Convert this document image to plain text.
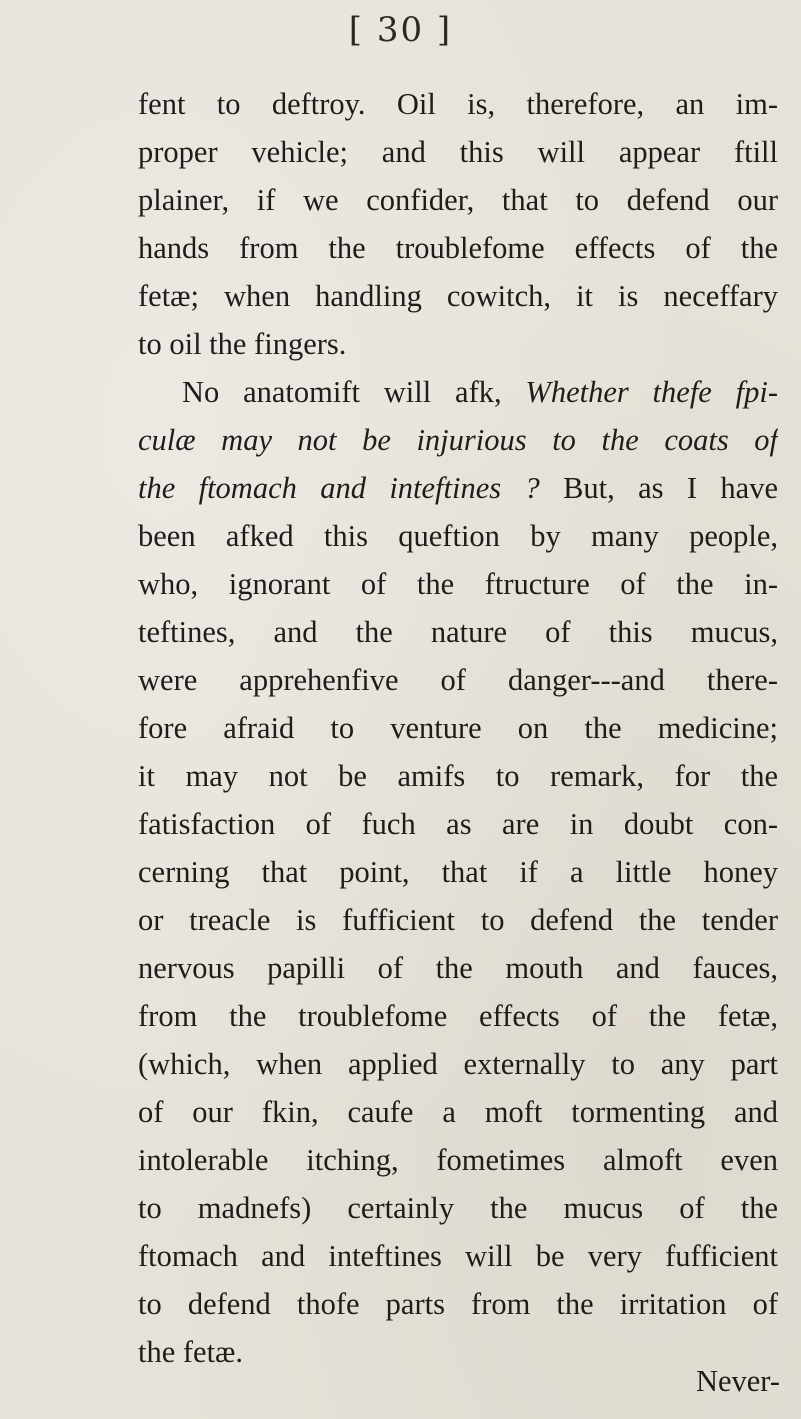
[ 30 ]
fent to deftroy. Oil is, therefore, an im-
proper vehicle; and this will appear ftill
plainer, if we confider, that to defend our
hands from the troublefome effects of the
fetæ; when handling cowitch, it is neceffary
to oil the fingers.
No anatomift will afk, Whether thefe fpi-
culæ may not be injurious to the coats of
the ftomach and inteftines ? But, as I have
been afked this queftion by many people,
who, ignorant of the ftructure of the in-
teftines, and the nature of this mucus,
were apprehenfive of danger---and there-
fore afraid to venture on the medicine;
it may not be amifs to remark, for the
fatisfaction of fuch as are in doubt con-
cerning that point, that if a little honey
or treacle is fufficient to defend the tender
nervous papilli of the mouth and fauces,
from the troublefome effects of the fetæ,
(which, when applied externally to any part
of our fkin, caufe a moft tormenting and
intolerable itching, fometimes almoft even
to madnefs) certainly the mucus of the
ftomach and inteftines will be very fufficient
to defend thofe parts from the irritation of
the fetæ.
Never-
